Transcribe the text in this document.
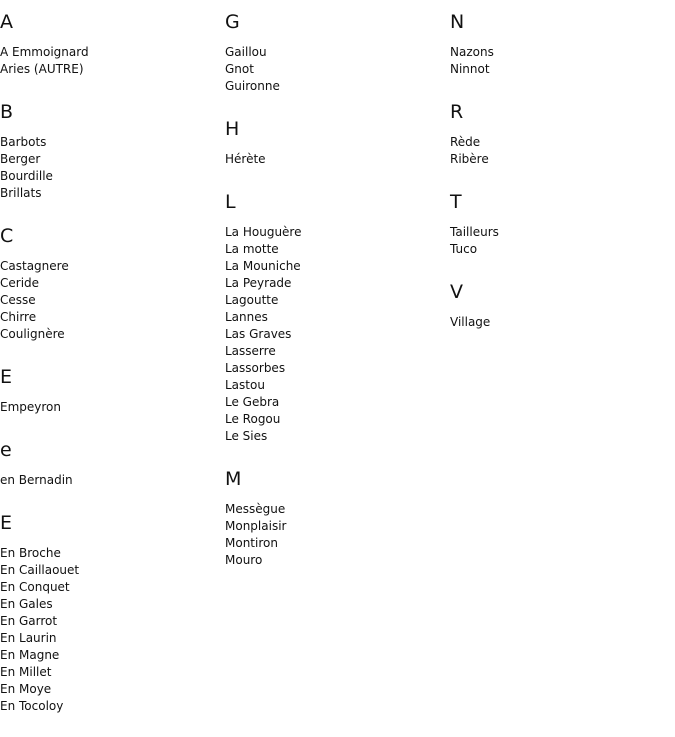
A
A Emmoignard
Aries (AUTRE)
B
Barbots
Berger
Bourdille
Brillats
C
Castagnere
Ceride
Cesse
Chirre
Coulignère
E
Empeyron
e
en Bernadin
E
En Broche
En Caillaouet
En Conquet
En Gales
En Garrot
En Laurin
En Magne
En Millet
En Moye
En Tocoloy
G
Gaillou
Gnot
Guironne
H
Hérète
L
La Houguère
La motte
La Mouniche
La Peyrade
Lagoutte
Lannes
Las Graves
Lasserre
Lassorbes
Lastou
Le Gebra
Le Rogou
Le Sies
M
Messègue
Monplaisir
Montiron
Mouro
N
Nazons
Ninnot
R
Rède
Ribère
T
Tailleurs
Tuco
V
Village
